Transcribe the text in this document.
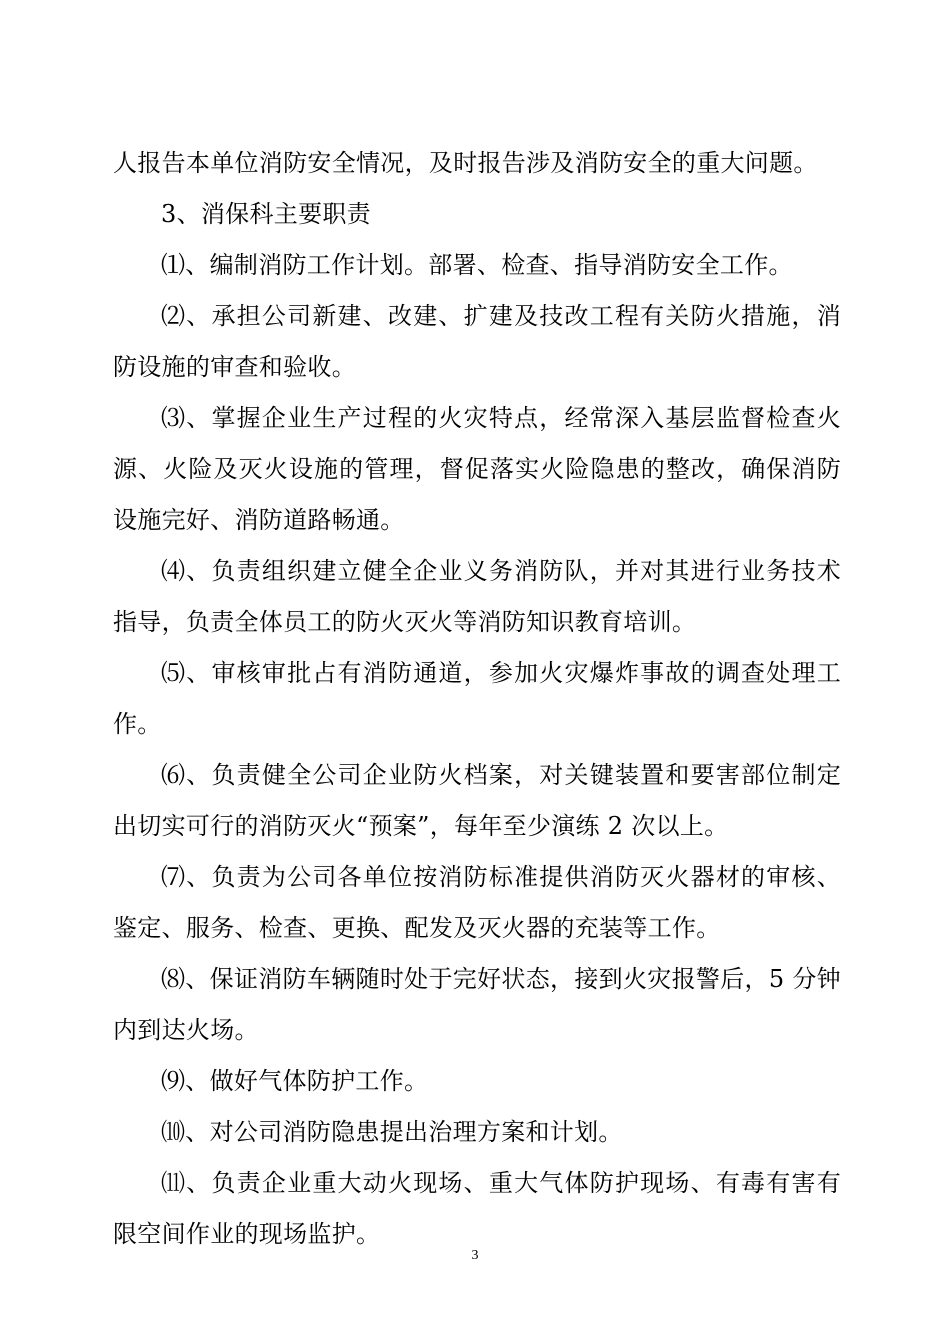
人报告本单位消防安全情况，及时报告涉及消防安全的重大问题。

3、消保科主要职责

⑴、编制消防工作计划。部署、检查、指导消防安全工作。

⑵、承担公司新建、改建、扩建及技改工程有关防火措施，消防设施的审查和验收。

⑶、掌握企业生产过程的火灾特点，经常深入基层监督检查火源、火险及灭火设施的管理，督促落实火险隐患的整改，确保消防设施完好、消防道路畅通。

⑷、负责组织建立健全企业义务消防队，并对其进行业务技术指导，负责全体员工的防火灭火等消防知识教育培训。

⑸、审核审批占有消防通道，参加火灾爆炸事故的调查处理工作。

⑹、负责健全公司企业防火档案，对关键装置和要害部位制定出切实可行的消防灭火“预案”，每年至少演练 2 次以上。

⑺、负责为公司各单位按消防标准提供消防灭火器材的审核、鉴定、服务、检查、更换、配发及灭火器的充装等工作。

⑻、保证消防车辆随时处于完好状态，接到火灾报警后，5 分钟内到达火场。

⑼、做好气体防护工作。

⑽、对公司消防隐患提出治理方案和计划。

⑾、负责企业重大动火现场、重大气体防护现场、有毒有害有限空间作业的现场监护。

3
